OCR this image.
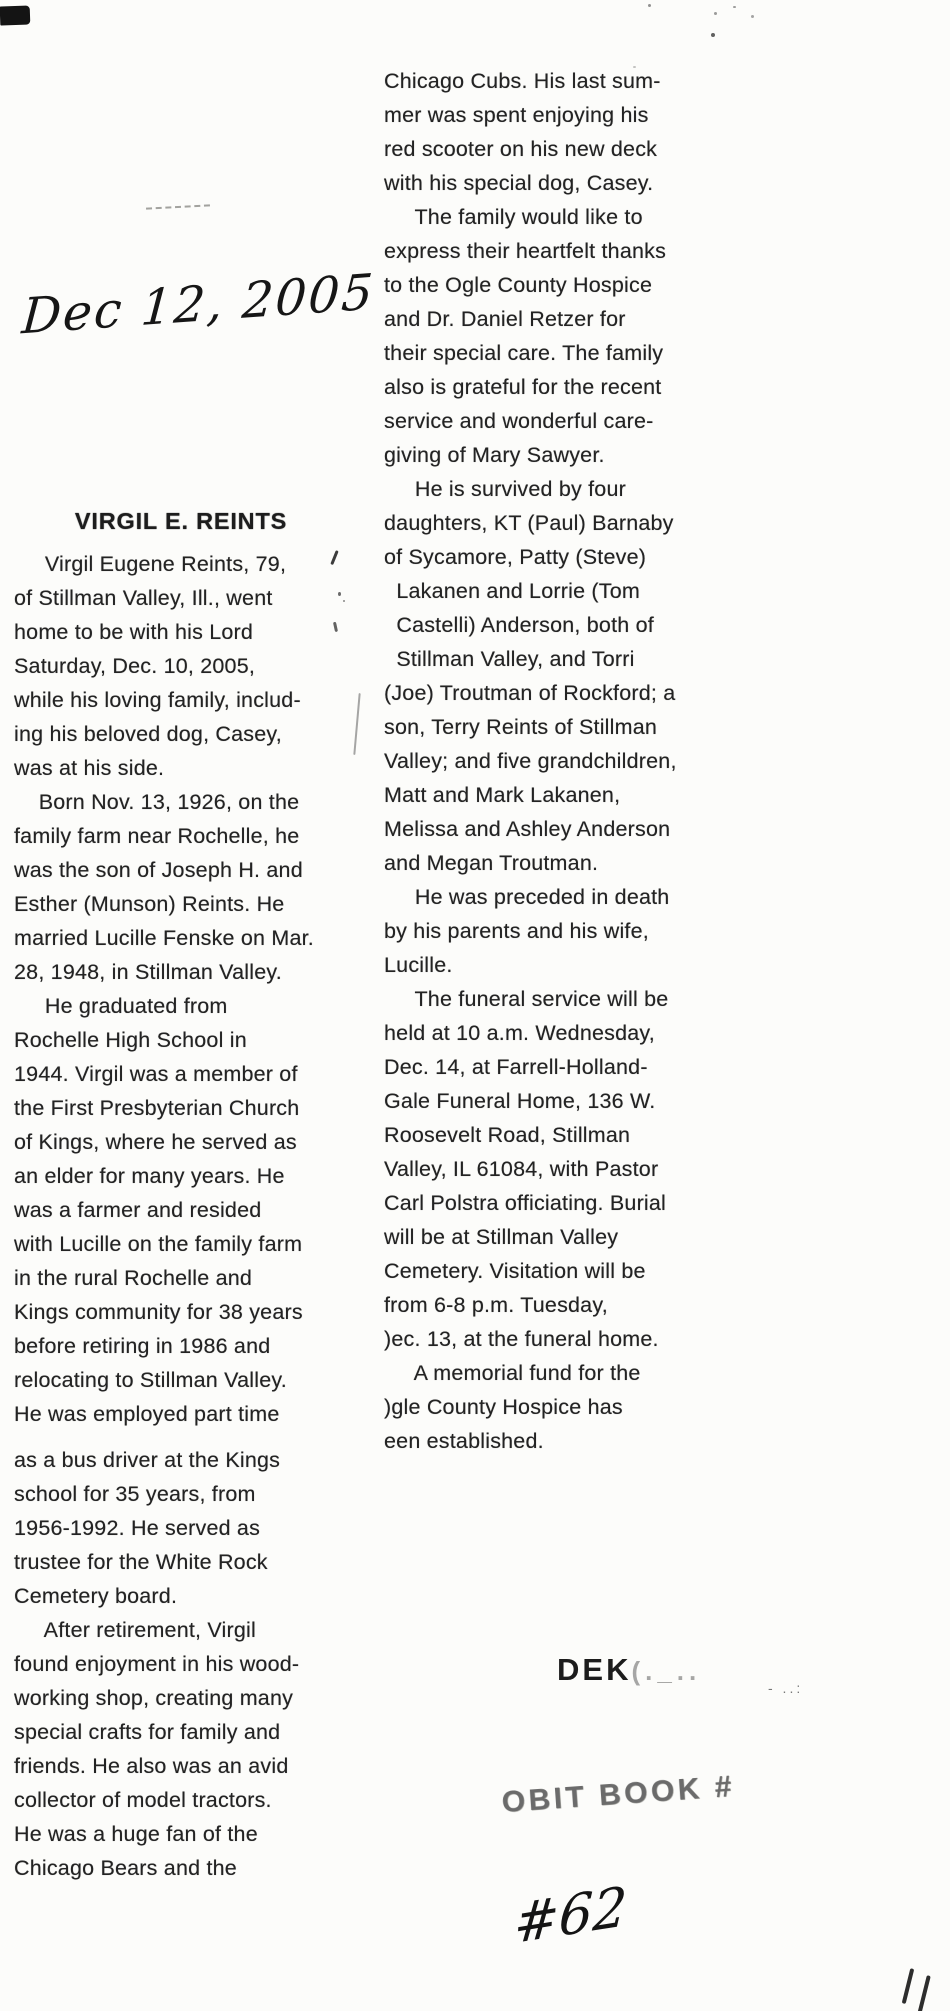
Dec 12, 2005
VIRGIL E. REINTS
Virgil Eugene Reints, 79,
of Stillman Valley, Ill., went
home to be with his Lord
Saturday, Dec. 10, 2005,
while his loving family, includ-
ing his beloved dog, Casey,
was at his side.
Born Nov. 13, 1926, on the
family farm near Rochelle, he
was the son of Joseph H. and
Esther (Munson) Reints. He
married Lucille Fenske on Mar.
28, 1948, in Stillman Valley.
He graduated from
Rochelle High School in
1944. Virgil was a member of
the First Presbyterian Church
of Kings, where he served as
an elder for many years. He
was a farmer and resided
with Lucille on the family farm
in the rural Rochelle and
Kings community for 38 years
before retiring in 1986 and
relocating to Stillman Valley.
He was employed part time
as a bus driver at the Kings
school for 35 years, from
1956-1992. He served as
trustee for the White Rock
Cemetery board.
After retirement, Virgil
found enjoyment in his wood-
working shop, creating many
special crafts for family and
friends. He also was an avid
collector of model tractors.
He was a huge fan of the
Chicago Bears and the
Chicago Cubs. His last sum-
mer was spent enjoying his
red scooter on his new deck
with his special dog, Casey.
The family would like to
express their heartfelt thanks
to the Ogle County Hospice
and Dr. Daniel Retzer for
their special care. The family
also is grateful for the recent
service and wonderful care-
giving of Mary Sawyer.
He is survived by four
daughters, KT (Paul) Barnaby
of Sycamore, Patty (Steve)
Lakanen and Lorrie (Tom
Castelli) Anderson, both of
Stillman Valley, and Torri
(Joe) Troutman of Rockford; a
son, Terry Reints of Stillman
Valley; and five grandchildren,
Matt and Mark Lakanen,
Melissa and Ashley Anderson
and Megan Troutman.
He was preceded in death
by his parents and his wife,
Lucille.
The funeral service will be
held at 10 a.m. Wednesday,
Dec. 14, at Farrell-Holland-
Gale Funeral Home, 136 W.
Roosevelt Road, Stillman
Valley, IL 61084, with Pastor
Carl Polstra officiating. Burial
will be at Stillman Valley
Cemetery. Visitation will be
from 6-8 p.m. Tuesday,
)ec. 13, at the funeral home.
A memorial fund for the
)gle County Hospice has
een established.
DEK(._..
- ..:
OBIT BOOK #
#62
